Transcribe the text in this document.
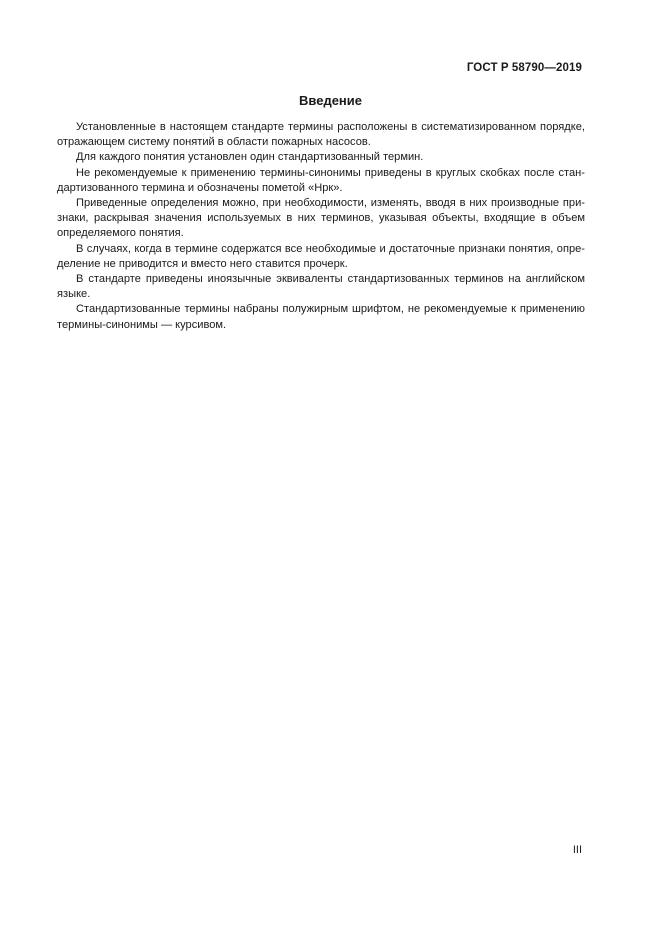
ГОСТ Р 58790—2019
Введение

Установленные в настоящем стандарте термины расположены в систематизированном порядке, отражающем систему понятий в области пожарных насосов.

Для каждого понятия установлен один стандартизованный термин.

Не рекомендуемые к применению термины-синонимы приведены в круглых скобках после стандартизованного термина и обозначены пометой «Нрк».

Приведенные определения можно, при необходимости, изменять, вводя в них производные признаки, раскрывая значения используемых в них терминов, указывая объекты, входящие в объем определяемого понятия.

В случаях, когда в термине содержатся все необходимые и достаточные признаки понятия, определение не приводится и вместо него ставится прочерк.

В стандарте приведены иноязычные эквиваленты стандартизованных терминов на английском языке.

Стандартизованные термины набраны полужирным шрифтом, не рекомендуемые к применению термины-синонимы — курсивом.

III
